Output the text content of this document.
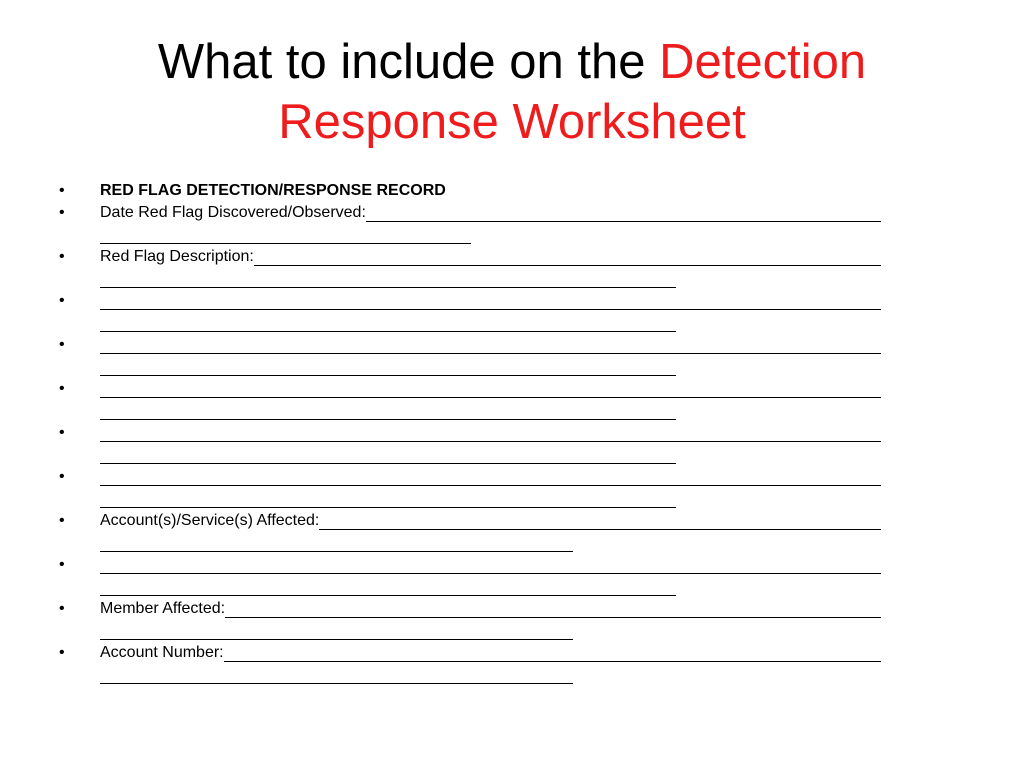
What to include on the Detection
Response Worksheet
•	RED FLAG DETECTION/RESPONSE RECORD
•	Date Red Flag Discovered/Observed:
•	Red Flag Description:
•
•
•
•
•
•	Account(s)/Service(s) Affected:
•
•	Member Affected:
•	Account Number:
